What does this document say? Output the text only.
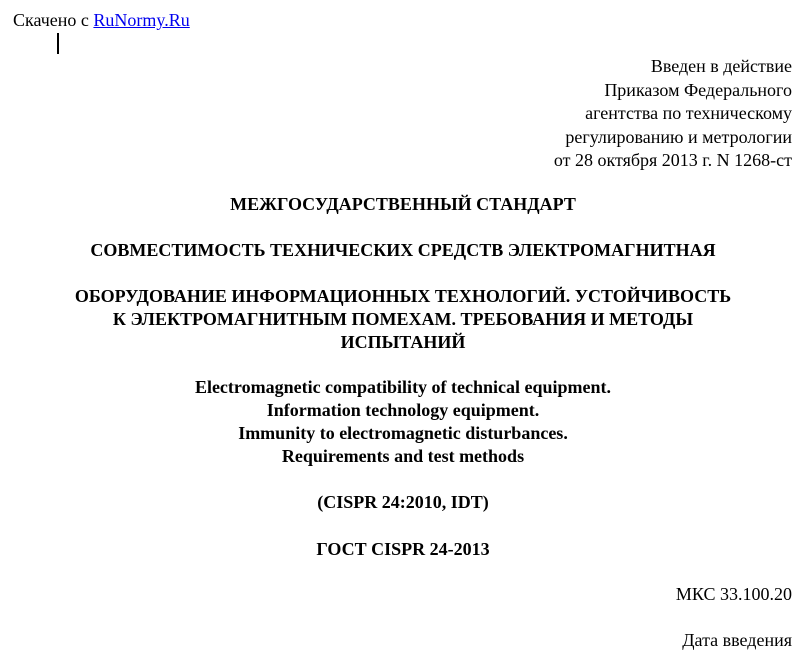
Скачено с RuNormy.Ru
Введен в действие
Приказом Федерального
агентства по техническому
регулированию и метрологии
от 28 октября 2013 г. N 1268-ст
МЕЖГОСУДАРСТВЕННЫЙ СТАНДАРТ
СОВМЕСТИМОСТЬ ТЕХНИЧЕСКИХ СРЕДСТВ ЭЛЕКТРОМАГНИТНАЯ
ОБОРУДОВАНИЕ ИНФОРМАЦИОННЫХ ТЕХНОЛОГИЙ. УСТОЙЧИВОСТЬ
К ЭЛЕКТРОМАГНИТНЫМ ПОМЕХАМ. ТРЕБОВАНИЯ И МЕТОДЫ
ИСПЫТАНИЙ
Electromagnetic compatibility of technical equipment.
Information technology equipment.
Immunity to electromagnetic disturbances.
Requirements and test methods
(CISPR 24:2010, IDT)
ГОСТ CISPR 24-2013
МКС 33.100.20
Дата введения
